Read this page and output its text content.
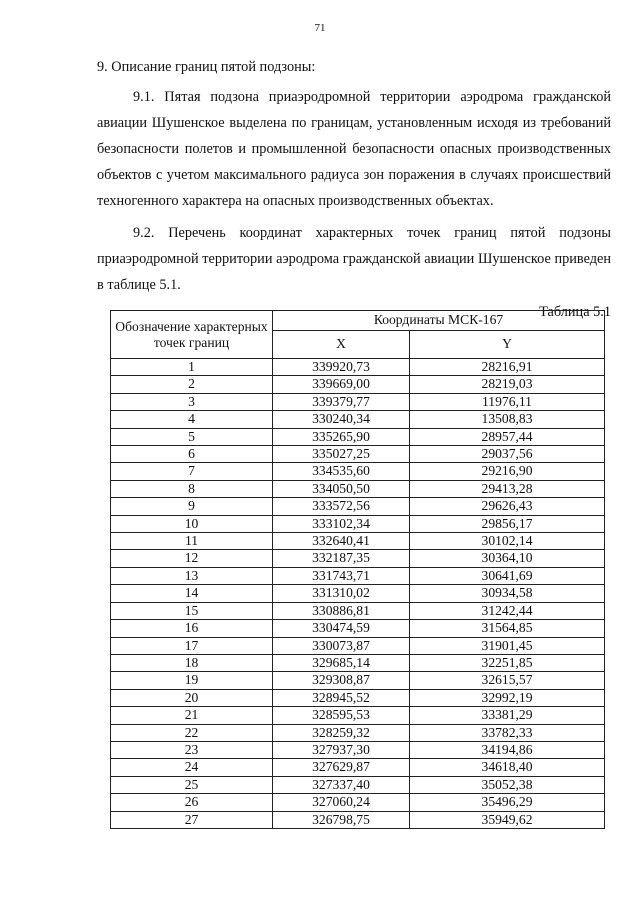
71

9. Описание границ пятой подзоны:

9.1. Пятая подзона приаэродромной территории аэродрома гражданской авиации Шушенское выделена по границам, установленным исходя из требований безопасности полетов и промышленной безопасности опасных производственных объектов с учетом максимального радиуса зон поражения в случаях происшествий техногенного характера на опасных производственных объектах.

9.2. Перечень координат характерных точек границ пятой подзоны приаэродромной территории аэродрома гражданской авиации Шушенское приведен в таблице 5.1.

Таблица 5.1
Обозначение характерных точек границ	Координаты МСК-167	
	X	Y
1	339920,73	28216,91
2	339669,00	28219,03
3	339379,77	11976,11
4	330240,34	13508,83
5	335265,90	28957,44
6	335027,25	29037,56
7	334535,60	29216,90
8	334050,50	29413,28
9	333572,56	29626,43
10	333102,34	29856,17
11	332640,41	30102,14
12	332187,35	30364,10
13	331743,71	30641,69
14	331310,02	30934,58
15	330886,81	31242,44
16	330474,59	31564,85
17	330073,87	31901,45
18	329685,14	32251,85
19	329308,87	32615,57
20	328945,52	32992,19
21	328595,53	33381,29
22	328259,32	33782,33
23	327937,30	34194,86
24	327629,87	34618,40
25	327337,40	35052,38
26	327060,24	35496,29
27	326798,75	35949,62
